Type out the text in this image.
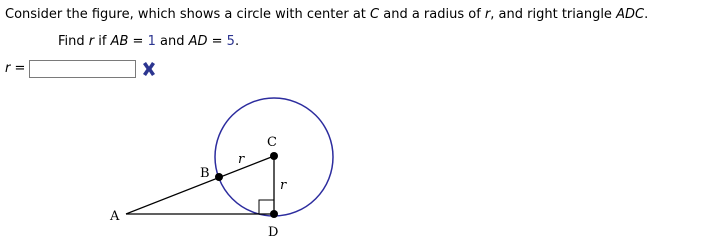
Consider the figure, which shows a circle with center at C and a radius of r, and right triangle ADC.
Find r if AB = 1 and AD = 5.
r =
A
B
C
D
r
r
